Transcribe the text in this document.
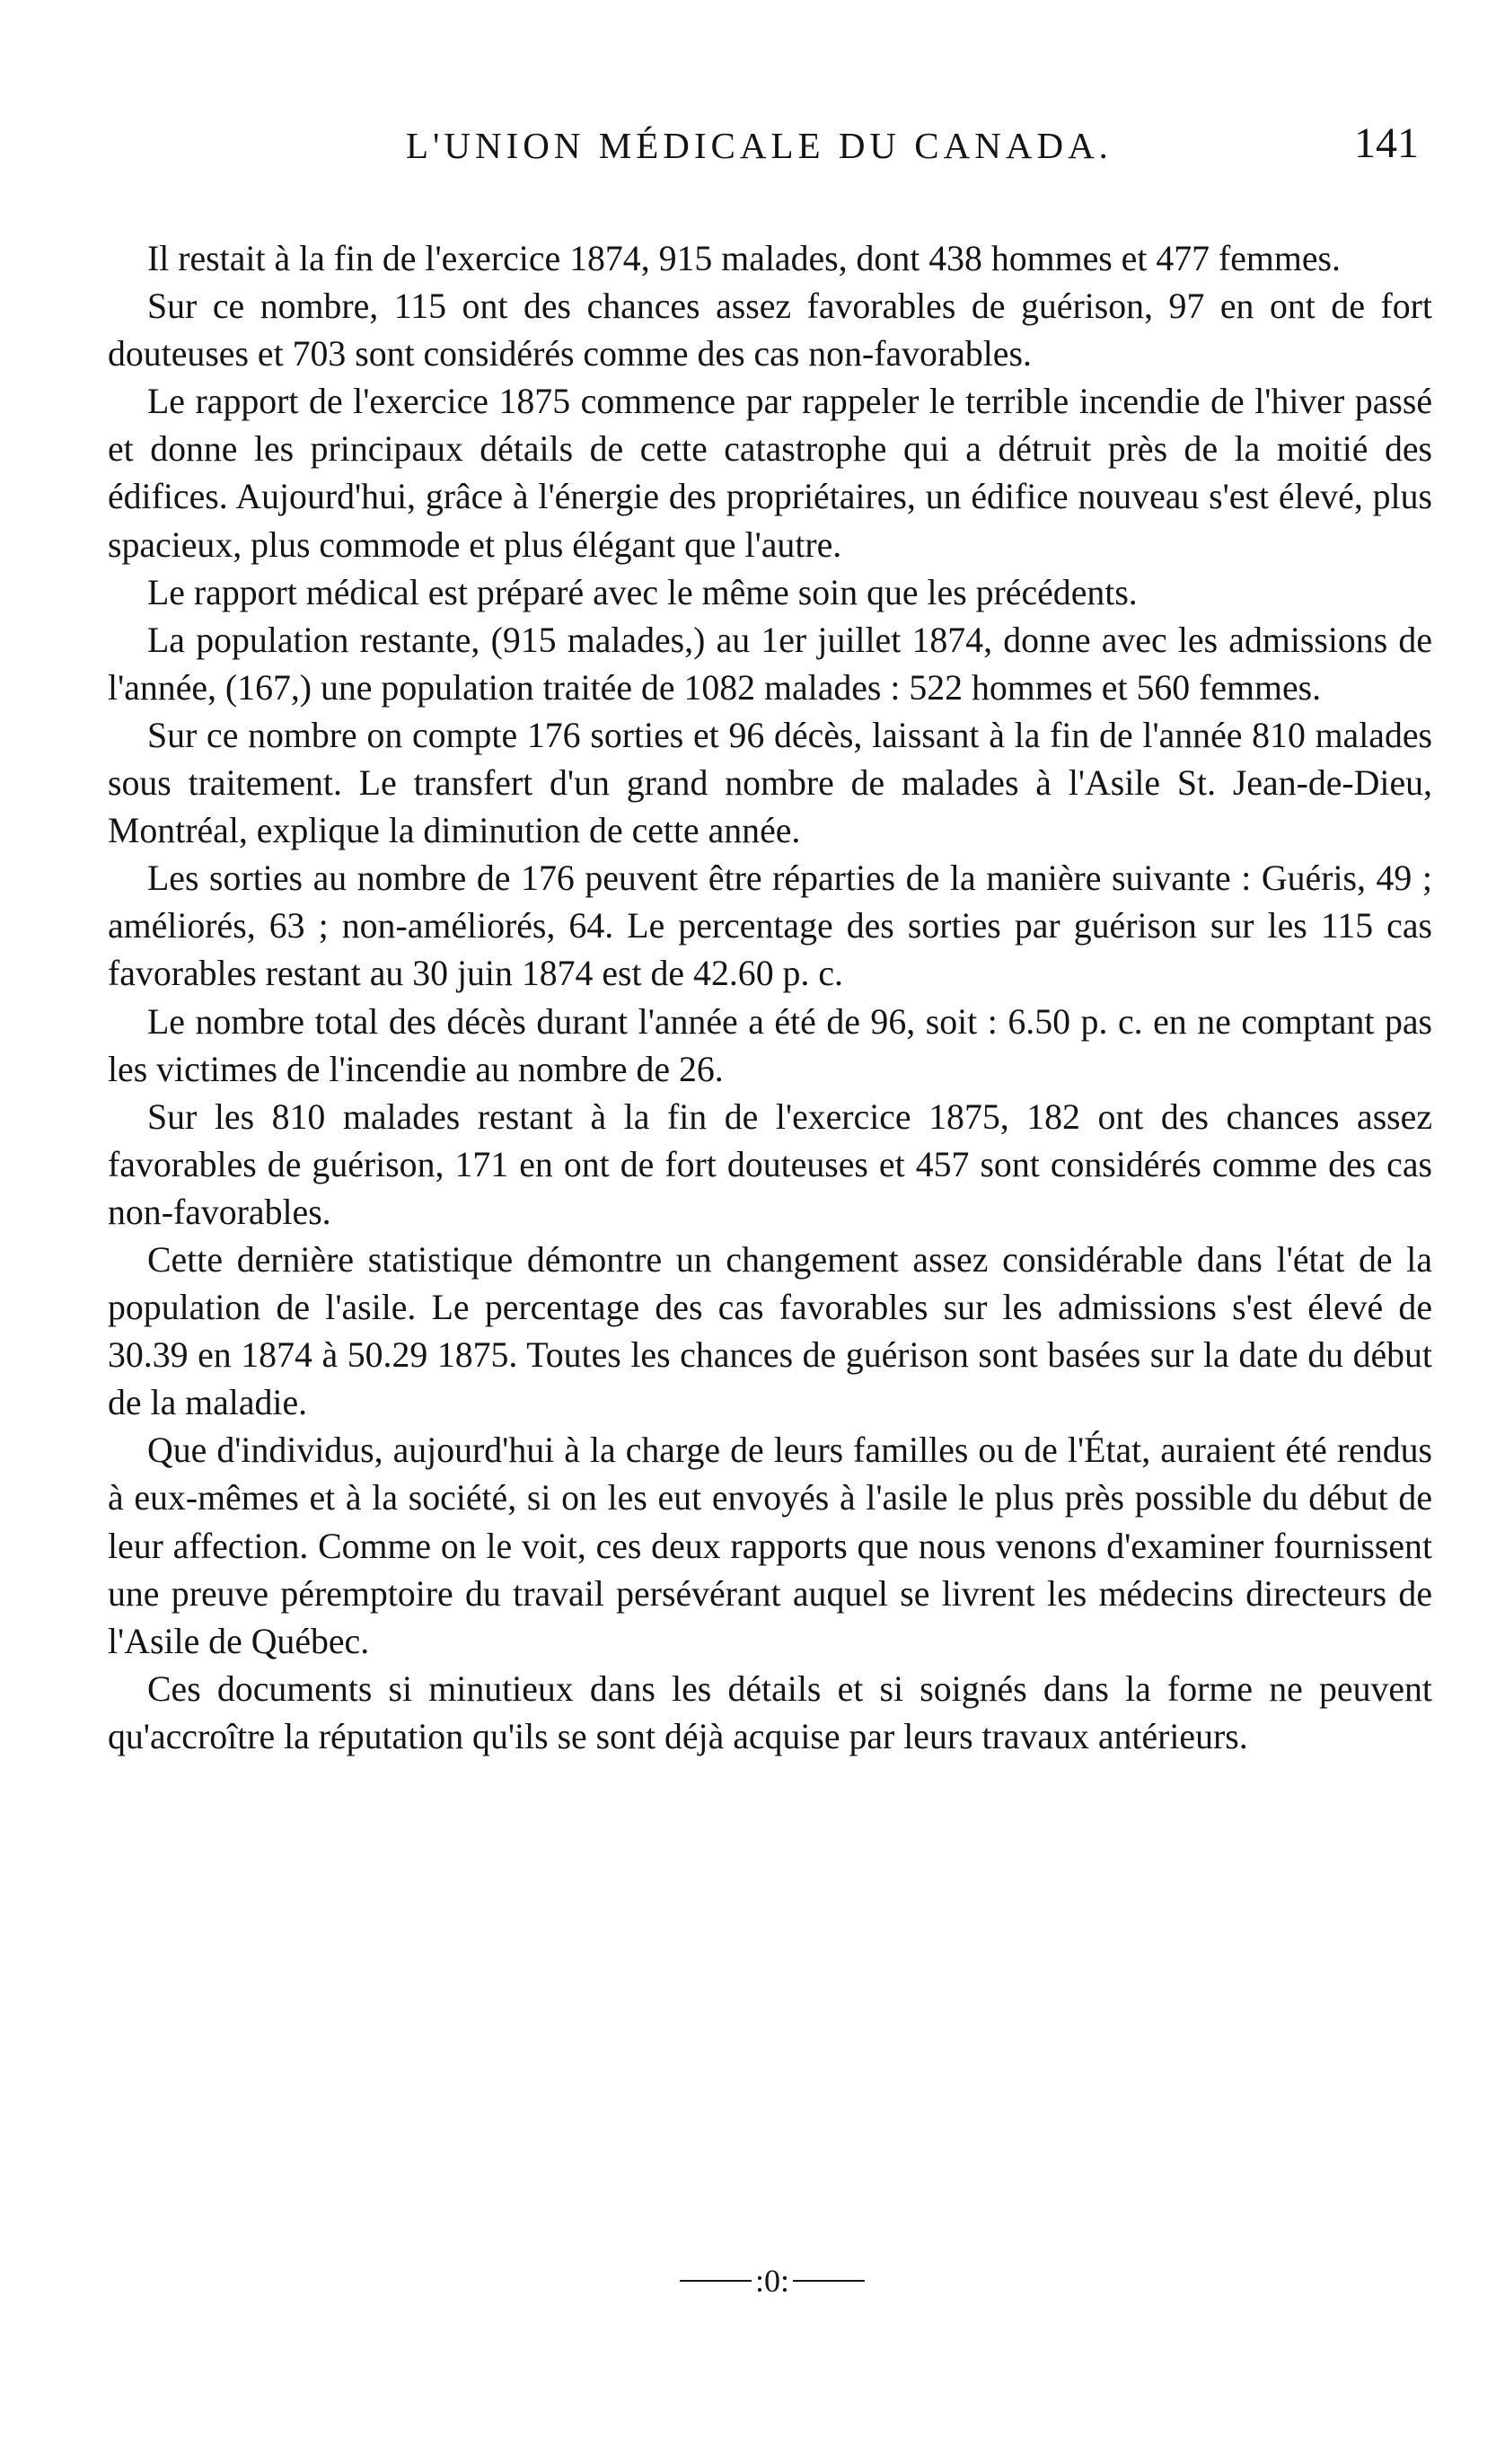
L'UNION MÉDICALE DU CANADA.	141

Il restait à la fin de l'exercice 1874, 915 malades, dont 438 hommes et 477 femmes.

Sur ce nombre, 115 ont des chances assez favorables de guérison, 97 en ont de fort douteuses et 703 sont considérés comme des cas non-favorables.

Le rapport de l'exercice 1875 commence par rappeler le terrible incendie de l'hiver passé et donne les principaux détails de cette catastrophe qui a détruit près de la moitié des édifices. Aujourd'hui, grâce à l'énergie des propriétaires, un édifice nouveau s'est élevé, plus spacieux, plus commode et plus élégant que l'autre.

Le rapport médical est préparé avec le même soin que les précédents.

La population restante, (915 malades,) au 1er juillet 1874, donne avec les admissions de l'année, (167,) une population traitée de 1082 malades : 522 hommes et 560 femmes.

Sur ce nombre on compte 176 sorties et 96 décès, laissant à la fin de l'année 810 malades sous traitement. Le transfert d'un grand nombre de malades à l'Asile St. Jean-de-Dieu, Montréal, explique la diminution de cette année.

Les sorties au nombre de 176 peuvent être réparties de la manière suivante : Guéris, 49 ; améliorés, 63 ; non-améliorés, 64. Le percentage des sorties par guérison sur les 115 cas favorables restant au 30 juin 1874 est de 42.60 p. c.

Le nombre total des décès durant l'année a été de 96, soit : 6.50 p. c. en ne comptant pas les victimes de l'incendie au nombre de 26.

Sur les 810 malades restant à la fin de l'exercice 1875, 182 ont des chances assez favorables de guérison, 171 en ont de fort douteuses et 457 sont considérés comme des cas non-favorables.

Cette dernière statistique démontre un changement assez considérable dans l'état de la population de l'asile. Le percentage des cas favorables sur les admissions s'est élevé de 30.39 en 1874 à 50.29 1875. Toutes les chances de guérison sont basées sur la date du début de la maladie.

Que d'individus, aujourd'hui à la charge de leurs familles ou de l'État, auraient été rendus à eux-mêmes et à la société, si on les eut envoyés à l'asile le plus près possible du début de leur affection. Comme on le voit, ces deux rapports que nous venons d'examiner fournissent une preuve péremptoire du travail persévérant auquel se livrent les médecins directeurs de l'Asile de Québec.

Ces documents si minutieux dans les détails et si soignés dans la forme ne peuvent qu'accroître la réputation qu'ils se sont déjà acquise par leurs travaux antérieurs.

:0:
